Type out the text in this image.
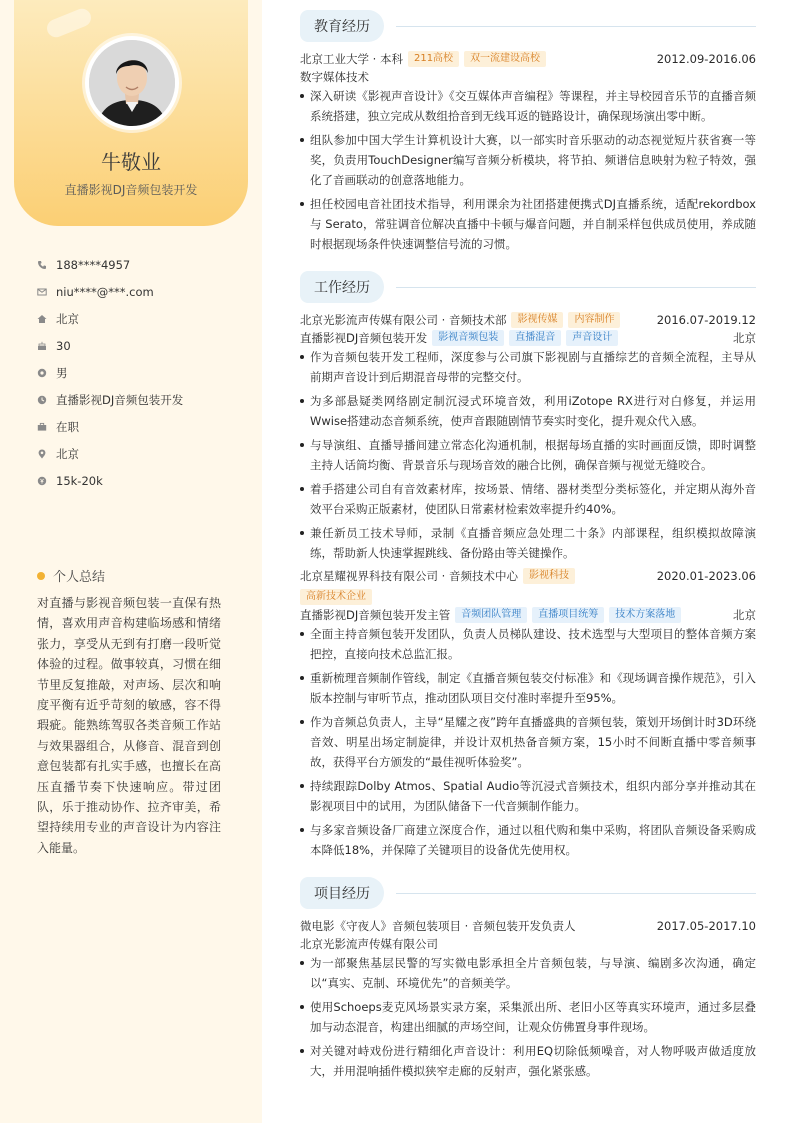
牛敬业
直播影视DJ音频包装开发
188****4957
niu****@***.com
北京
30
男
直播影视DJ音频包装开发
在职
北京
15k-20k
个人总结
对直播与影视音频包装一直保有热情，喜欢用声音构建临场感和情绪张力，享受从无到有打磨一段听觉体验的过程。做事较真，习惯在细节里反复推敲，对声场、层次和响度平衡有近乎苛刻的敏感，容不得瑕疵。能熟练驾驭各类音频工作站与效果器组合，从修音、混音到创意包装都有扎实手感，也擅长在高压直播节奏下快速响应。带过团队，乐于推动协作、拉齐审美，希望持续用专业的声音设计为内容注入能量。
教育经历
北京工业大学 · 本科	211高校	双一流建设高校	2012.09-2016.06
数字媒体技术
深入研读《影视声音设计》《交互媒体声音编程》等课程，并主导校园音乐节的直播音频系统搭建，独立完成从数组拾音到无线耳返的链路设计，确保现场演出零中断。
组队参加中国大学生计算机设计大赛，以一部实时音乐驱动的动态视觉短片获省赛一等奖，负责用TouchDesigner编写音频分析模块，将节拍、频谱信息映射为粒子特效，强化了音画联动的创意落地能力。
担任校园电音社团技术指导，利用课余为社团搭建便携式DJ直播系统，适配rekordbox 与 Serato，常驻调音位解决直播中卡顿与爆音问题，并自制采样包供成员使用，养成随时根据现场条件快速调整信号流的习惯。
工作经历
北京光影流声传媒有限公司 · 音频技术部	影视传媒	内容制作	2016.07-2019.12
直播影视DJ音频包装开发	影视音频包装	直播混音	声音设计	北京
作为音频包装开发工程师，深度参与公司旗下影视剧与直播综艺的音频全流程，主导从前期声音设计到后期混音母带的完整交付。
为多部悬疑类网络剧定制沉浸式环境音效，利用iZotope RX进行对白修复，并运用Wwise搭建动态音频系统，使声音跟随剧情节奏实时变化，提升观众代入感。
与导演组、直播导播间建立常态化沟通机制，根据每场直播的实时画面反馈，即时调整主持人话筒均衡、背景音乐与现场音效的融合比例，确保音频与视觉无缝咬合。
着手搭建公司自有音效素材库，按场景、情绪、器材类型分类标签化，并定期从海外音效平台采购正版素材，使团队日常素材检索效率提升约40%。
兼任新员工技术导师，录制《直播音频应急处理二十条》内部课程，组织模拟故障演练，帮助新人快速掌握跳线、备份路由等关键操作。
北京星耀视界科技有限公司 · 音频技术中心	影视科技	2020.01-2023.06
高新技术企业
直播影视DJ音频包装开发主管	音频团队管理	直播项目统筹	技术方案落地	北京
全面主持音频包装开发团队，负责人员梯队建设、技术选型与大型项目的整体音频方案把控，直接向技术总监汇报。
重新梳理音频制作管线，制定《直播音频包装交付标准》和《现场调音操作规范》，引入版本控制与审听节点，推动团队项目交付准时率提升至95%。
作为音频总负责人，主导“星耀之夜”跨年直播盛典的音频包装，策划开场倒计时3D环绕音效、明星出场定制旋律，并设计双机热备音频方案，15小时不间断直播中零音频事故，获得平台方颁发的“最佳视听体验奖”。
持续跟踪Dolby Atmos、Spatial Audio等沉浸式音频技术，组织内部分享并推动其在影视项目中的试用，为团队储备下一代音频制作能力。
与多家音频设备厂商建立深度合作，通过以租代购和集中采购，将团队音频设备采购成本降低18%，并保障了关键项目的设备优先使用权。
项目经历
微电影《守夜人》音频包装项目 · 音频包装开发负责人	2017.05-2017.10
北京光影流声传媒有限公司
为一部聚焦基层民警的写实微电影承担全片音频包装，与导演、编剧多次沟通，确定以“真实、克制、环境优先”的音频美学。
使用Schoeps麦克风场景实录方案，采集派出所、老旧小区等真实环境声，通过多层叠加与动态混音，构建出细腻的声场空间，让观众仿佛置身事件现场。
对关键对峙戏份进行精细化声音设计：利用EQ切除低频噪音，对人物呼吸声做适度放大，并用混响插件模拟狭窄走廊的反射声，强化紧张感。
